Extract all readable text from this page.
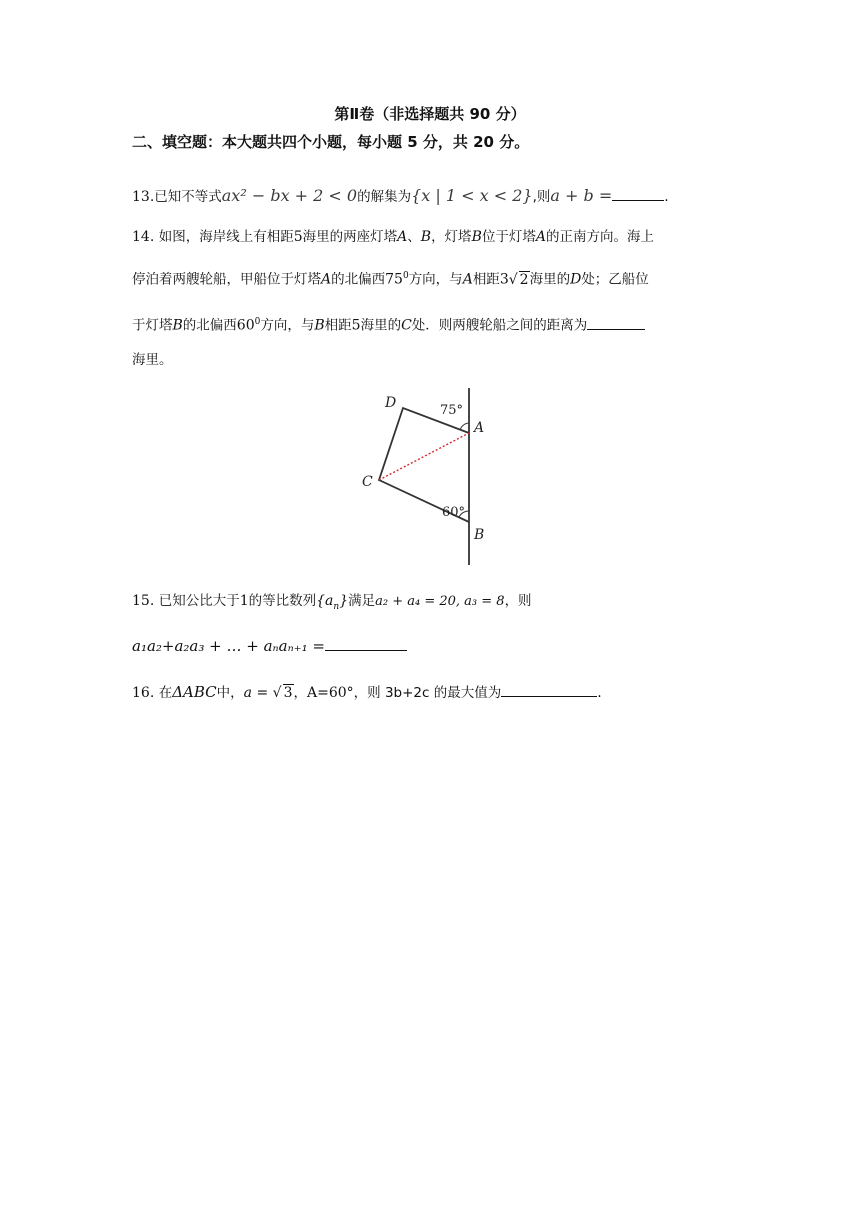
第Ⅱ卷（非选择题共 90 分）
二、填空题：本大题共四个小题，每小题 5 分，共 20 分。
13.已知不等式ax² − bx + 2 < 0的解集为{x | 1 < x < 2},则a + b =	.
14. 如图，海岸线上有相距5海里的两座灯塔A、B，灯塔B位于灯塔A的正南方向。海上
停泊着两艘轮船，甲船位于灯塔A的北偏西$75^0$方向，与A相距3√ 2海里的D处；乙船位
于灯塔B的北偏西$60^0$方向，与B相距5海里的C处．则两艘轮船之间的距离为
海里。
D
A
C
B
75°
60°
15. 已知公比大于1的等比数列$\{a_n\}$满足a₂ + a₄ = 20, a₃ = 8，则
a₁a₂+a₂a₃ + … + aₙaₙ₊₁ =
16. 在ΔABC中，a = √ 3，A=60°，则 3b+2c 的最大值为	.
